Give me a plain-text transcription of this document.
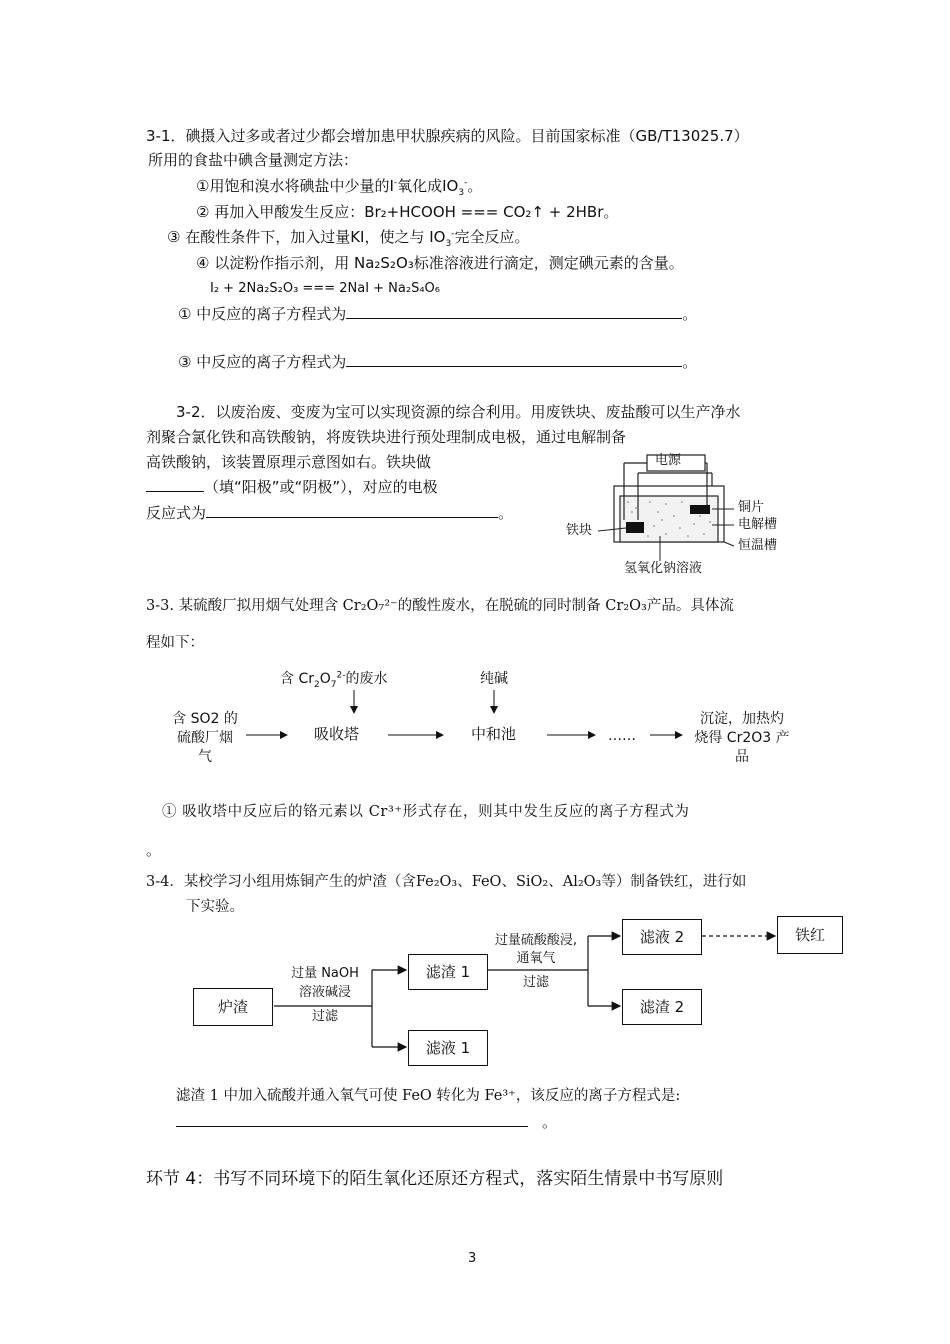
3-1．碘摄入过多或者过少都会增加患甲状腺疾病的风险。目前国家标准（GB/T13025.7）
所用的食盐中碘含量测定方法：
①用饱和溴水将碘盐中少量的I-氧化成$IO_3^-$。
② 再加入甲酸发生反应：Br₂+HCOOH === CO₂↑ + 2HBr。
③ 在酸性条件下，加入过量KI，使之与 $IO_3^-$完全反应。
④ 以淀粉作指示剂，用 Na₂S₂O₃标准溶液进行滴定，测定碘元素的含量。
I₂ + 2Na₂S₂O₃ === 2NaI + Na₂S₄O₆
① 中反应的离子方程式为	。
③ 中反应的离子方程式为	。
3-2．以废治废、变废为宝可以实现资源的综合利用。用废铁块、废盐酸可以生产净水
剂聚合氯化铁和高铁酸钠，将废铁块进行预处理制成电极，通过电解制备
高铁酸钠，该装置原理示意图如右。铁块做
（填“阳极”或“阴极”），对应的电极
反应式为	。
电源
铜片
电解槽
恒温槽
铁块
氢氧化钠溶液
3-3. 某硫酸厂拟用烟气处理含 Cr₂O₇²⁻的酸性废水，在脱硫的同时制备 Cr₂O₃产品。具体流
程如下：
含 $Cr_2O_7^{2-}$的废水	纯碱
含 SO2 的
硫酸厂烟
气
吸收塔	中和池	……
沉淀，加热灼
烧得 Cr2O3 产
品
① 吸收塔中反应后的铬元素以 Cr³⁺形式存在，则其中发生反应的离子方程式为
。
3-4．某校学习小组用炼铜产生的炉渣（含Fe₂O₃、FeO、SiO₂、Al₂O₃等）制备铁红，进行如
下实验。
炉渣
过量 NaOH
溶液碱浸
过滤
滤渣 1
滤液 1
过量硫酸酸浸,
通氧气
过滤
滤液 2
滤渣 2
铁红
滤渣 1 中加入硫酸并通入氧气可使 FeO 转化为 Fe³⁺，该反应的离子方程式是:
。
环节 4：书写不同环境下的陌生氧化还原还方程式，落实陌生情景中书写原则
3
